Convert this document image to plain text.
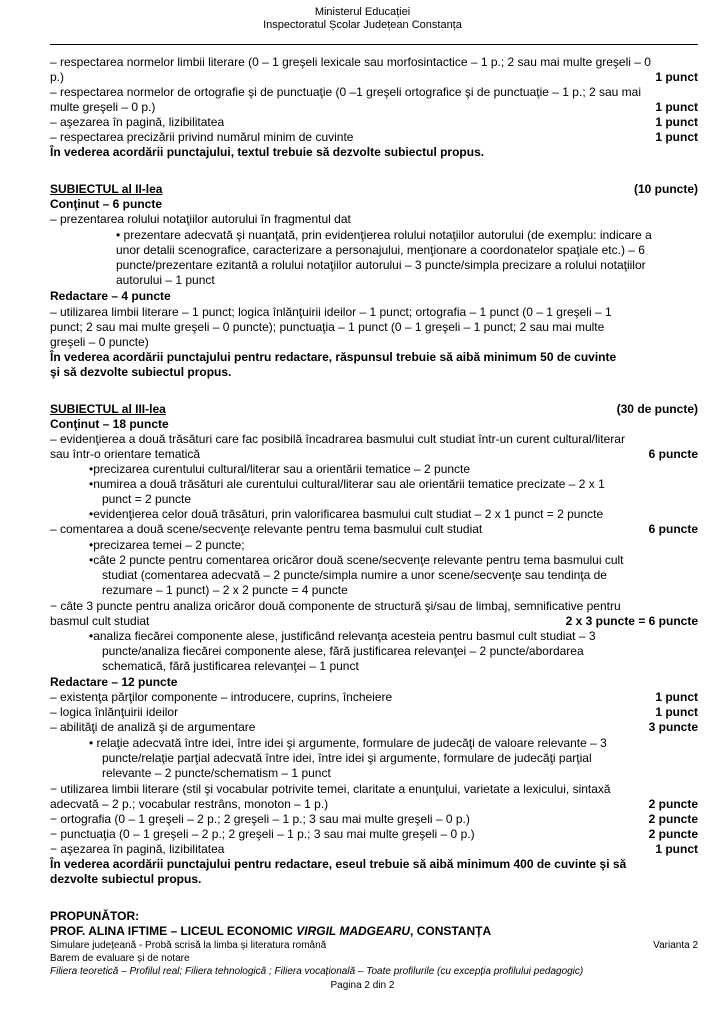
Ministerul Educației
Inspectoratul Școlar Județean Constanța
– respectarea normelor limbii literare (0 – 1 greşeli lexicale sau morfosintactice – 1 p.; 2 sau mai multe greşeli – 0
p.)	1 punct
– respectarea normelor de ortografie şi de punctuaţie (0 –1 greşeli ortografice şi de punctuaţie – 1 p.; 2 sau mai
multe greşeli – 0 p.)	1 punct
– aşezarea în pagină, lizibilitatea	1 punct
– respectarea precizării privind numărul minim de cuvinte	1 punct
În vederea acordării punctajului, textul trebuie să dezvolte subiectul propus.
SUBIECTUL al II-lea	(10 puncte)
Conţinut – 6 puncte
– prezentarea rolului notaţiilor autorului în fragmentul dat
• prezentare adecvată şi nuanţată, prin evidenţierea rolului notaţiilor autorului (de exemplu: indicare a
unor detalii scenografice, caracterizare a personajului, menţionare a coordonatelor spaţiale etc.) – 6
puncte/prezentare ezitantă a rolului notaţiilor autorului – 3 puncte/simpla precizare a rolului notaţiilor
autorului – 1 punct
Redactare – 4 puncte
– utilizarea limbii literare – 1 punct; logica înlănţuirii ideilor – 1 punct; ortografia – 1 punct (0 – 1 greşeli – 1
punct; 2 sau mai multe greşeli – 0 puncte); punctuaţia – 1 punct (0 – 1 greşeli – 1 punct; 2 sau mai multe
greşeli – 0 puncte)
În vederea acordării punctajului pentru redactare, răspunsul trebuie să aibă minimum 50 de cuvinte
şi să dezvolte subiectul propus.
SUBIECTUL al III-lea	(30 de puncte)
Conţinut – 18 puncte
– evidenţierea a două trăsături care fac posibilă încadrarea basmului cult studiat într-un curent cultural/literar
sau într-o orientare tematică	6 puncte
•precizarea curentului cultural/literar sau a orientării tematice – 2 puncte
•numirea a două trăsături ale curentului cultural/literar sau ale orientării tematice precizate – 2 x 1
punct = 2 puncte
•evidenţierea celor două trăsături, prin valorificarea basmului cult studiat – 2 x 1 punct = 2 puncte
– comentarea a două scene/secvenţe relevante pentru tema basmului cult studiat	6 puncte
•precizarea temei – 2 puncte;
•câte 2 puncte pentru comentarea oricăror două scene/secvenţe relevante pentru tema basmului cult
studiat (comentarea adecvată – 2 puncte/simpla numire a unor scene/secvenţe sau tendinţa de
rezumare – 1 punct) – 2 x 2 puncte = 4 puncte
− câte 3 puncte pentru analiza oricăror două componente de structură şi/sau de limbaj, semnificative pentru
basmul cult studiat	2 x 3 puncte = 6 puncte
•analiza fiecărei componente alese, justificând relevanţa acesteia pentru basmul cult studiat – 3
puncte/analiza fiecărei componente alese, fără justificarea relevanţei – 2 puncte/abordarea
schematică, fără justificarea relevanţei – 1 punct
Redactare – 12 puncte
– existenţa părţilor componente – introducere, cuprins, încheiere	1 punct
– logica înlănţuirii ideilor	1 punct
– abilităţi de analiză şi de argumentare	3 puncte
• relaţie adecvată între idei, între idei şi argumente, formulare de judecăţi de valoare relevante – 3
puncte/relaţie parţial adecvată între idei, între idei şi argumente, formulare de judecăţi parţial
relevante – 2 puncte/schematism – 1 punct
− utilizarea limbii literare (stil şi vocabular potrivite temei, claritate a enunţului, varietate a lexicului, sintaxă
adecvată – 2 p.; vocabular restrâns, monoton – 1 p.)	2 puncte
− ortografia (0 – 1 greşeli – 2 p.; 2 greşeli – 1 p.; 3 sau mai multe greşeli – 0 p.)	2 puncte
− punctuaţia (0 – 1 greşeli – 2 p.; 2 greşeli – 1 p.; 3 sau mai multe greşeli – 0 p.)	2 puncte
− aşezarea în pagină, lizibilitatea	1 punct
În vederea acordării punctajului pentru redactare, eseul trebuie să aibă minimum 400 de cuvinte şi să
dezvolte subiectul propus.
PROPUNĂTOR:
PROF. ALINA IFTIME – LICEUL ECONOMIC VIRGIL MADGEARU, CONSTANȚA
Simulare județeană - Probă scrisă la limba și literatura română	Varianta 2
Barem de evaluare și de notare
Filiera teoretică – Profilul real; Filiera tehnologică ; Filiera vocațională – Toate profilurile (cu excepția profilului pedagogic)
Pagina 2 din 2
